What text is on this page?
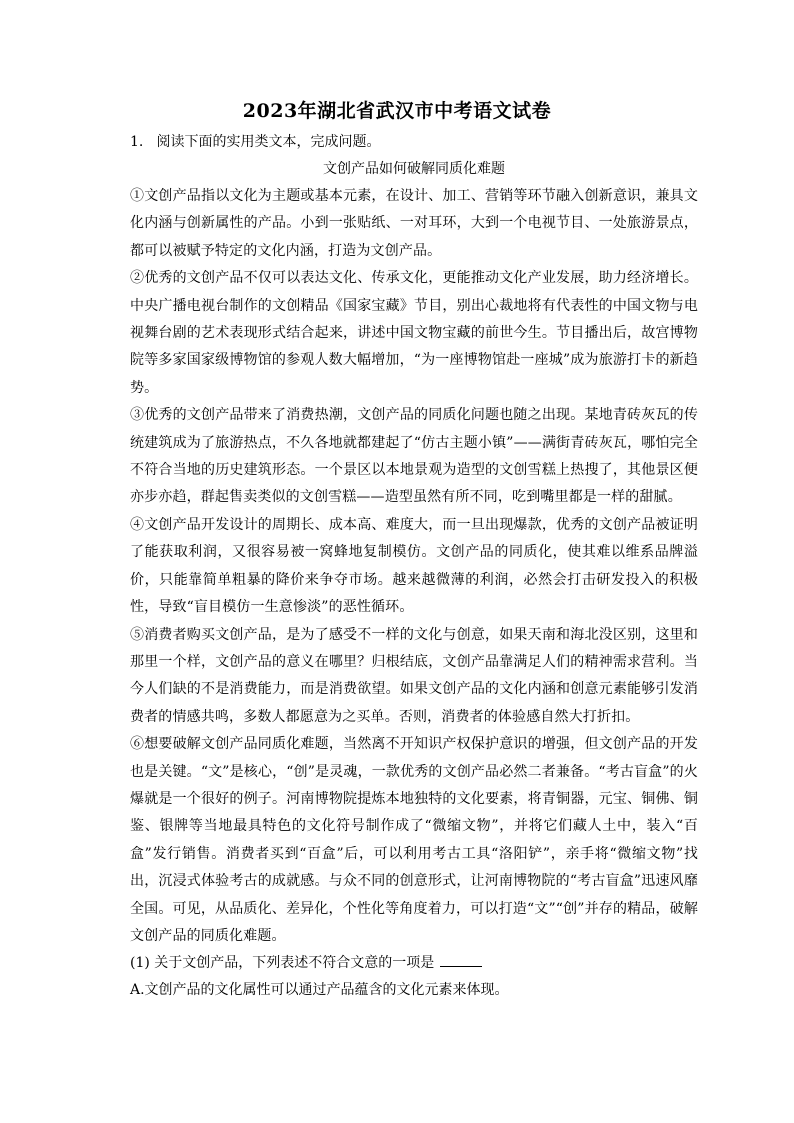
2023年湖北省武汉市中考语文试卷

1. 阅读下面的实用类文本，完成问题。

文创产品如何破解同质化难题

①文创产品指以文化为主题或基本元素，在设计、加工、营销等环节融入创新意识，兼具文化内涵与创新属性的产品。小到一张贴纸、一对耳环，大到一个电视节目、一处旅游景点，都可以被赋予特定的文化内涵，打造为文创产品。

②优秀的文创产品不仅可以表达文化、传承文化，更能推动文化产业发展，助力经济增长。中央广播电视台制作的文创精品《国家宝藏》节目，别出心裁地将有代表性的中国文物与电视舞台剧的艺术表现形式结合起来，讲述中国文物宝藏的前世今生。节目播出后，故宫博物院等多家国家级博物馆的参观人数大幅增加，“为一座博物馆赴一座城”成为旅游打卡的新趋势。

③优秀的文创产品带来了消费热潮，文创产品的同质化问题也随之出现。某地青砖灰瓦的传统建筑成为了旅游热点，不久各地就都建起了“仿古主题小镇”——满街青砖灰瓦，哪怕完全不符合当地的历史建筑形态。一个景区以本地景观为造型的文创雪糕上热搜了，其他景区便亦步亦趋，群起售卖类似的文创雪糕——造型虽然有所不同，吃到嘴里都是一样的甜腻。

④文创产品开发设计的周期长、成本高、难度大，而一旦出现爆款，优秀的文创产品被证明了能获取利润，又很容易被一窝蜂地复制模仿。文创产品的同质化，使其难以维系品牌溢价，只能靠简单粗暴的降价来争夺市场。越来越微薄的利润，必然会打击研发投入的积极性，导致“盲目模仿一生意惨淡”的恶性循环。

⑤消费者购买文创产品，是为了感受不一样的文化与创意，如果天南和海北没区别，这里和那里一个样，文创产品的意义在哪里？归根结底，文创产品靠满足人们的精神需求营利。当今人们缺的不是消费能力，而是消费欲望。如果文创产品的文化内涵和创意元素能够引发消费者的情感共鸣，多数人都愿意为之买单。否则，消费者的体验感自然大打折扣。

⑥想要破解文创产品同质化难题，当然离不开知识产权保护意识的增强，但文创产品的开发也是关键。“文”是核心，“创”是灵魂，一款优秀的文创产品必然二者兼备。“考古盲盒”的火爆就是一个很好的例子。河南博物院提炼本地独特的文化要素，将青铜器，元宝、铜佛、铜鉴、银牌等当地最具特色的文化符号制作成了“微缩文物”，并将它们藏人土中，装入“百盒”发行销售。消费者买到“百盒”后，可以利用考古工具“洛阳铲”，亲手将“微缩文物”找出，沉浸式体验考古的成就感。与众不同的创意形式，让河南博物院的“考古盲盒”迅速风靡全国。可见，从品质化、差异化，个性化等角度着力，可以打造“文”“创”并存的精品，破解文创产品的同质化难题。

(1) 关于文创产品，下列表述不符合文意的一项是

A.文创产品的文化属性可以通过产品蕴含的文化元素来体现。
